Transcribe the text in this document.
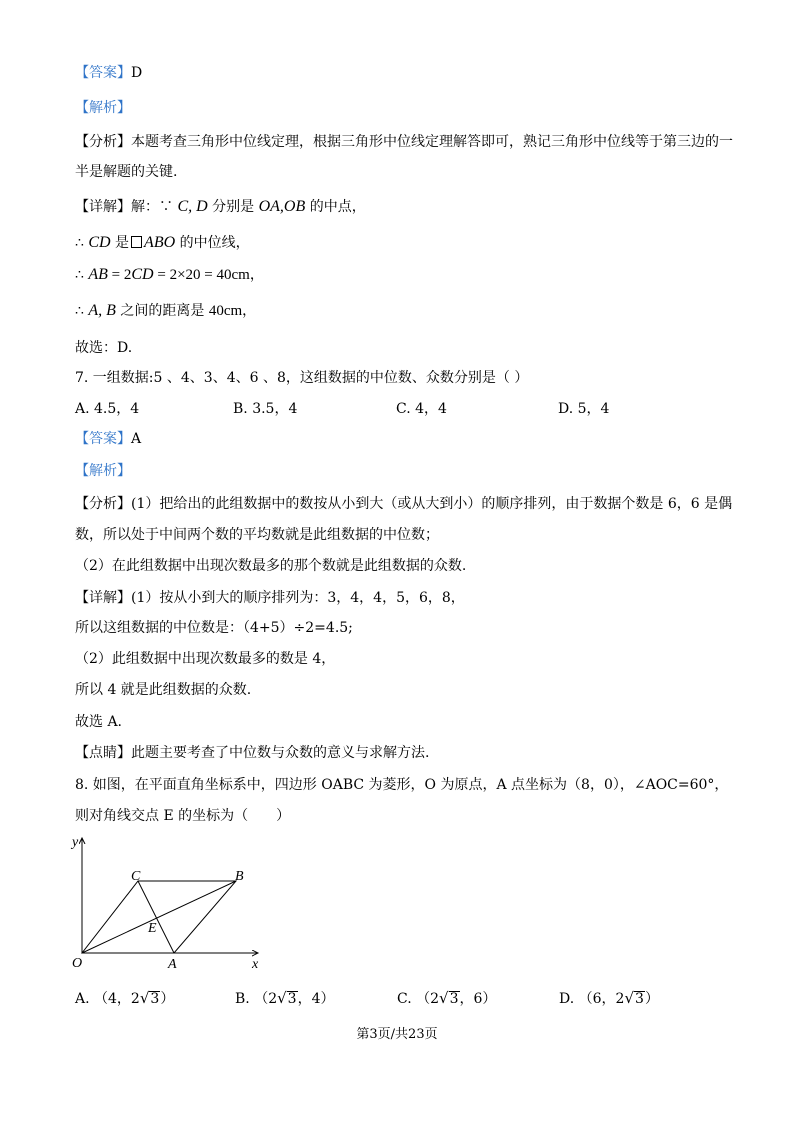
【答案】D
【解析】
【分析】本题考查三角形中位线定理，根据三角形中位线定理解答即可，熟记三角形中位线等于第三边的一
半是解题的关键.
【详解】解：∵ C, D 分别是 OA,OB 的中点，
∴ CD 是 ABO 的中位线，
∴ AB = 2CD = 2×20 = 40cm，
∴ A, B 之间的距离是 40cm，
故选：D.
7. 一组数据:5 、4、3、4、6 、8，这组数据的中位数、众数分别是（ ）
A. 4.5，4	B. 3.5，4	C. 4，4	D. 5，4
【答案】A
【解析】
【分析】(1）把给出的此组数据中的数按从小到大（或从大到小）的顺序排列，由于数据个数是 6，6 是偶
数，所以处于中间两个数的平均数就是此组数据的中位数；
（2）在此组数据中出现次数最多的那个数就是此组数据的众数.
【详解】(1）按从小到大的顺序排列为：3，4，4，5，6，8，
所以这组数据的中位数是：（4+5）÷2=4.5;
（2）此组数据中出现次数最多的数是 4，
所以 4 就是此组数据的众数.
故选 A.
【点睛】此题主要考查了中位数与众数的意义与求解方法.
8. 如图，在平面直角坐标系中，四边形 OABC 为菱形，O 为原点，A 点坐标为（8，0），∠AOC=60°，
则对角线交点 E 的坐标为（　　）
y
x
O	A
B
C
E
A. （4，2√3）	B. （2√3，4）	C. （2√3，6）	D. （6，2√3）
第3页/共23页
